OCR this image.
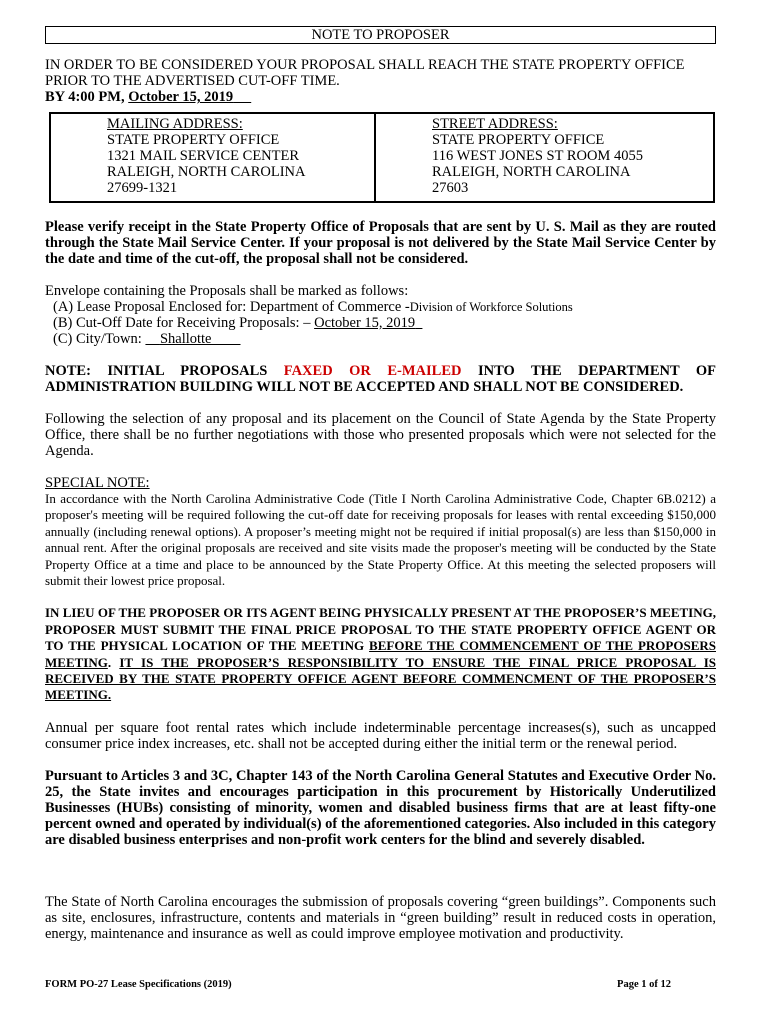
NOTE TO PROPOSER

IN ORDER TO BE CONSIDERED YOUR PROPOSAL SHALL REACH THE STATE PROPERTY OFFICE PRIOR TO THE ADVERTISED CUT-OFF TIME.
BY 4:00 PM, October 15, 2019

MAILING ADDRESS:
STATE PROPERTY OFFICE
1321 MAIL SERVICE CENTER
RALEIGH, NORTH CAROLINA
27699-1321
STREET ADDRESS:
STATE PROPERTY OFFICE
116 WEST JONES ST ROOM 4055
RALEIGH, NORTH CAROLINA
27603

Please verify receipt in the State Property Office of Proposals that are sent by U. S. Mail as they are routed through the State Mail Service Center. If your proposal is not delivered by the State Mail Service Center by the date and time of the cut-off, the proposal shall not be considered.

Envelope containing the Proposals shall be marked as follows:

(A) Lease Proposal Enclosed for: Department of Commerce -Division of Workforce Solutions

(B) Cut-Off Date for Receiving Proposals: – October 15, 2019

(C) City/Town:     Shallotte

NOTE: INITIAL PROPOSALS FAXED OR E-MAILED INTO THE DEPARTMENT OF ADMINISTRATION BUILDING WILL NOT BE ACCEPTED AND SHALL NOT BE CONSIDERED.

Following the selection of any proposal and its placement on the Council of State Agenda by the State Property Office, there shall be no further negotiations with those who presented proposals which were not selected for the Agenda.

SPECIAL NOTE:

In accordance with the North Carolina Administrative Code (Title I North Carolina Administrative Code, Chapter 6B.0212) a proposer's meeting will be required following the cut-off date for receiving proposals for leases with rental exceeding $150,000 annually (including renewal options). A proposer’s meeting might not be required if initial proposal(s) are less than $150,000 in annual rent. After the original proposals are received and site visits made the proposer's meeting will be conducted by the State Property Office at a time and place to be announced by the State Property Office. At this meeting the selected proposers will submit their lowest price proposal.

IN LIEU OF THE PROPOSER OR ITS AGENT BEING PHYSICALLY PRESENT AT THE PROPOSER’S MEETING, PROPOSER MUST SUBMIT THE FINAL PRICE PROPOSAL TO THE STATE PROPERTY OFFICE AGENT OR TO THE PHYSICAL LOCATION OF THE MEETING BEFORE THE COMMENCEMENT OF THE PROPOSERS MEETING. IT IS THE PROPOSER’S RESPONSIBILITY TO ENSURE THE FINAL PRICE PROPOSAL IS RECEIVED BY THE STATE PROPERTY OFFICE AGENT BEFORE COMMENCMENT OF THE PROPOSER’S MEETING.

Annual per square foot rental rates which include indeterminable percentage increases(s), such as uncapped consumer price index increases, etc. shall not be accepted during either the initial term or the renewal period.

Pursuant to Articles 3 and 3C, Chapter 143 of the North Carolina General Statutes and Executive Order No. 25, the State invites and encourages participation in this procurement by Historically Underutilized Businesses (HUBs) consisting of minority, women and disabled business firms that are at least fifty-one percent owned and operated by individual(s) of the aforementioned categories. Also included in this category are disabled business enterprises and non-profit work centers for the blind and severely disabled.

The State of North Carolina encourages the submission of proposals covering “green buildings”. Components such as site, enclosures, infrastructure, contents and materials in “green building” result in reduced costs in operation, energy, maintenance and insurance as well as could improve employee motivation and productivity.

FORM PO-27 Lease Specifications (2019)	Page 1 of 12
